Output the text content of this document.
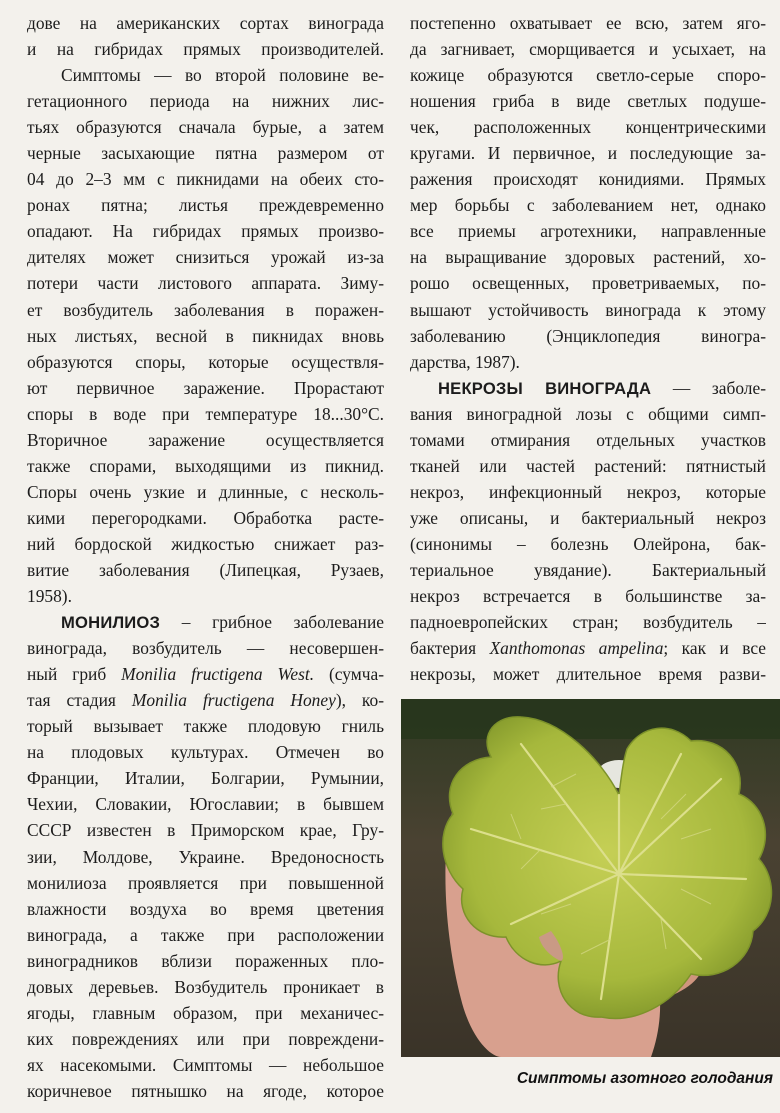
дове на американских сортах винограда
и на гибридах прямых производителей.
Симптомы — во второй половине ве-
гетационного периода на нижних лис-
тьях образуются сначала бурые, а затем
черные засыхающие пятна размером от
04 до 2–3 мм с пикнидами на обеих сто-
ронах пятна; листья преждевременно
опадают. На гибридах прямых произво-
дителях может снизиться урожай из-за
потери части листового аппарата. Зиму-
ет возбудитель заболевания в поражен-
ных листьях, весной в пикнидах вновь
образуются споры, которые осуществля-
ют первичное заражение. Прорастают
споры в воде при температуре 18...30°C.
Вторичное заражение осуществляется
также спорами, выходящими из пикнид.
Споры очень узкие и длинные, с несколь-
кими перегородками. Обработка расте-
ний бордоской жидкостью снижает раз-
витие заболевания (Липецкая, Рузаев,
1958).
МОНИЛИОЗ – грибное заболевание
винограда, возбудитель — несовершен-
ный гриб Monilia fructigena West. (сумча-
тая стадия Monilia fructigena Honey), ко-
торый вызывает также плодовую гниль
на плодовых культурах. Отмечен во
Франции, Италии, Болгарии, Румынии,
Чехии, Словакии, Югославии; в бывшем
СССР известен в Приморском крае, Гру-
зии, Молдове, Украине. Вредоносность
монилиоза проявляется при повышенной
влажности воздуха во время цветения
винограда, а также при расположении
виноградников вблизи пораженных пло-
довых деревьев. Возбудитель проникает в
ягоды, главным образом, при механичес-
ких повреждениях или при повреждени-
ях насекомыми. Симптомы — небольшое
коричневое пятнышко на ягоде, которое
постепенно охватывает ее всю, затем яго-
да загнивает, сморщивается и усыхает, на
кожице образуются светло-серые споро-
ношения гриба в виде светлых подуше-
чек, расположенных концентрическими
кругами. И первичное, и последующие за-
ражения происходят конидиями. Прямых
мер борьбы с заболеванием нет, однако
все приемы агротехники, направленные
на выращивание здоровых растений, хо-
рошо освещенных, проветриваемых, по-
вышают устойчивость винограда к этому
заболеванию (Энциклопедия виногра-
дарства, 1987).
НЕКРОЗЫ ВИНОГРАДА — заболе-
вания виноградной лозы с общими симп-
томами отмирания отдельных участков
тканей или частей растений: пятнистый
некроз, инфекционный некроз, которые
уже описаны, и бактериальный некроз
(синонимы – болезнь Олейрона, бак-
териальное увядание). Бактериальный
некроз встречается в большинстве за-
падноевропейских стран; возбудитель –
бактерия Xanthomonas ampelina; как и все
некрозы, может длительное время разви-
Симптомы азотного голодания
